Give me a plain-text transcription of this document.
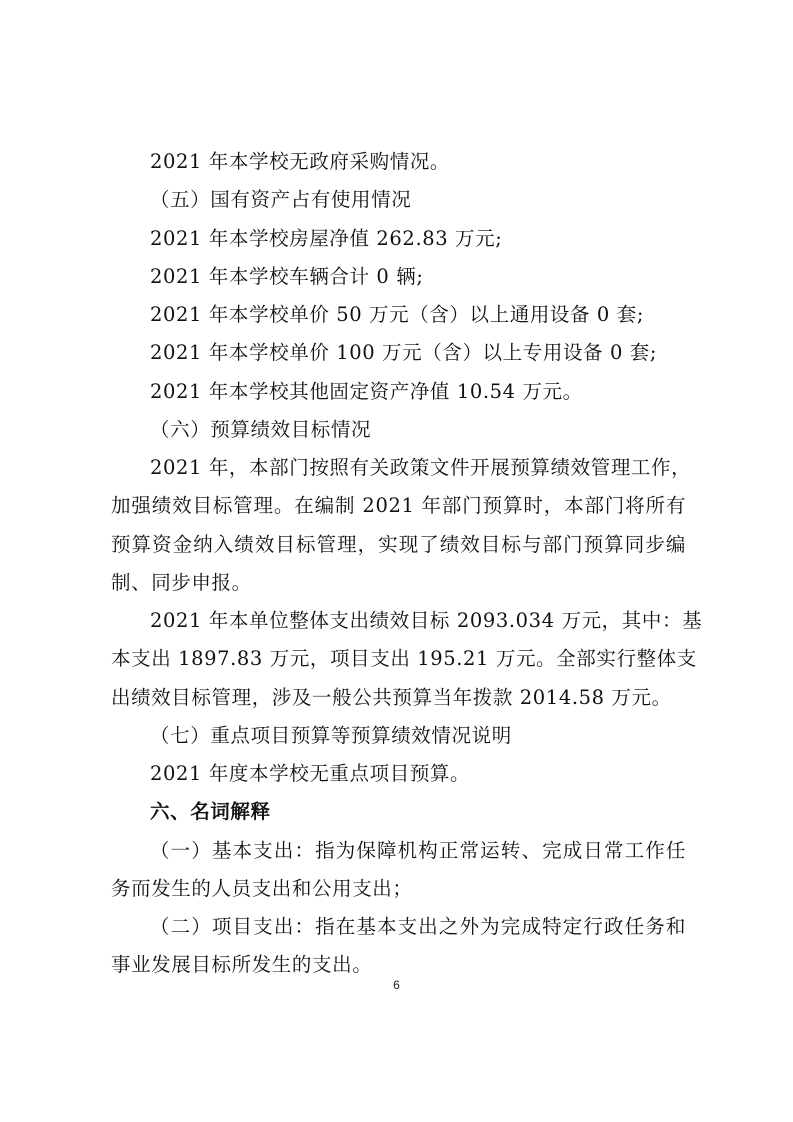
2021 年本学校无政府采购情况。
（五）国有资产占有使用情况
2021 年本学校房屋净值 262.83 万元;
2021 年本学校车辆合计 0 辆;
2021 年本学校单价 50 万元（含）以上通用设备 0 套;
2021 年本学校单价 100 万元（含）以上专用设备 0 套;
2021 年本学校其他固定资产净值 10.54 万元。
（六）预算绩效目标情况
2021 年，本部门按照有关政策文件开展预算绩效管理工作，
加强绩效目标管理。在编制 2021 年部门预算时，本部门将所有
预算资金纳入绩效目标管理，实现了绩效目标与部门预算同步编
制、同步申报。
2021 年本单位整体支出绩效目标 2093.034 万元，其中：基
本支出 1897.83 万元，项目支出 195.21 万元。全部实行整体支
出绩效目标管理，涉及一般公共预算当年拨款 2014.58 万元。
（七）重点项目预算等预算绩效情况说明
2021 年度本学校无重点项目预算。
六、名词解释
（一）基本支出：指为保障机构正常运转、完成日常工作任
务而发生的人员支出和公用支出；
（二）项目支出：指在基本支出之外为完成特定行政任务和
事业发展目标所发生的支出。
6
